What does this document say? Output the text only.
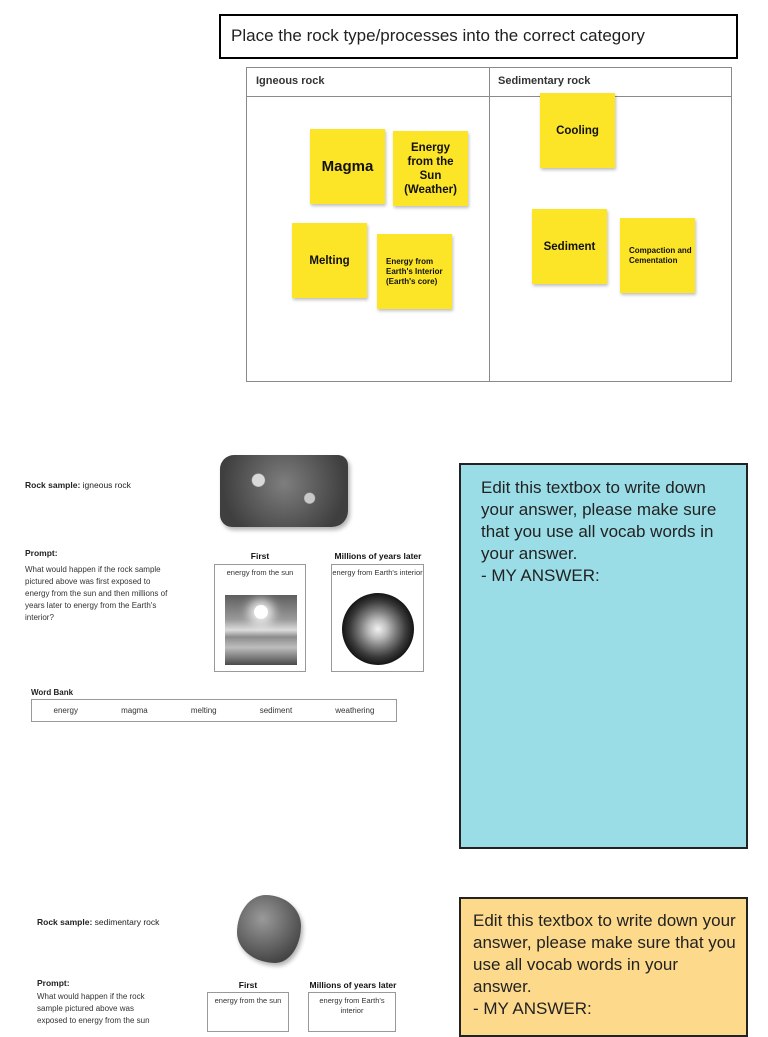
Place the rock type/processes into the correct category
Igneous rock	Sedimentary rock
Magma
Energy from the Sun (Weather)
Melting	Energy from Earth's Interior (Earth's core)
Cooling
Sediment	Compaction and Cementation
Rock sample: igneous rock
Prompt:
What would happen if the rock sample pictured above was first exposed to energy from the sun and then millions of years later to energy from the Earth's interior?
First	Millions of years later
energy from the sun	energy from Earth's interior
Word Bank
energy	magma	melting	sediment	weathering
Edit this textbox to write down your answer, please make sure that you use all vocab words in your answer.
- MY ANSWER:
Rock sample: sedimentary rock
Prompt:
What would happen if the rock sample pictured above was exposed to energy from the sun
First	Millions of years later
energy from the sun	energy from Earth's interior
Edit this textbox to write down your answer, please make sure that you use all vocab words in your answer.
- MY ANSWER:
